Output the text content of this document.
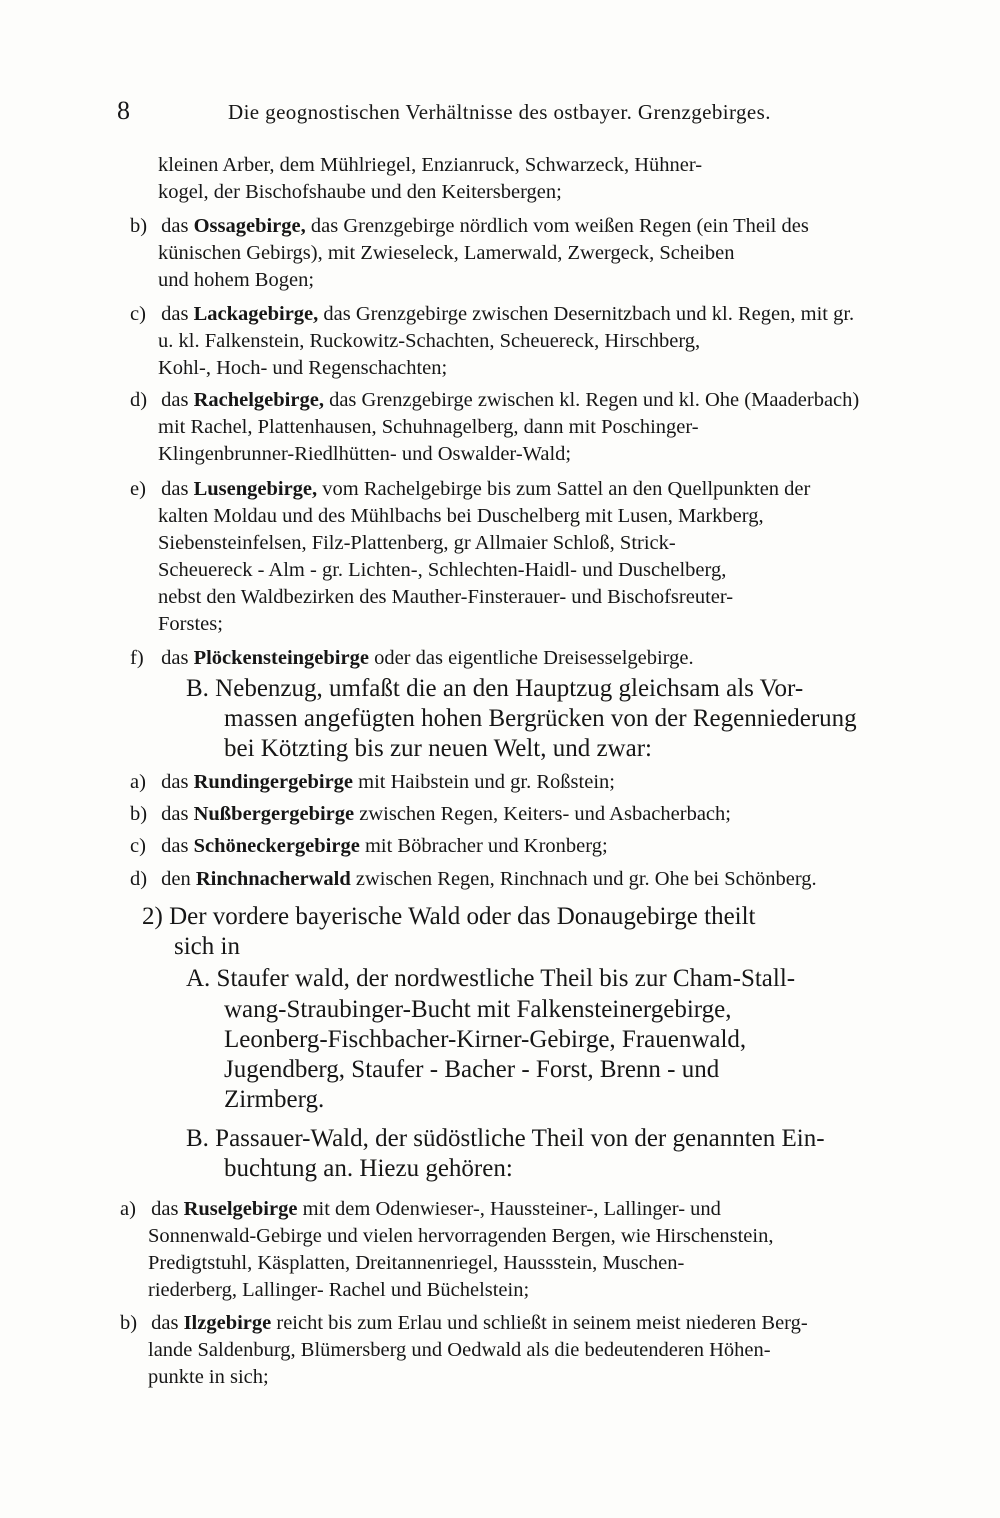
8	Die geognostischen Verhältnisse des ostbayer. Grenzgebirges.
kleinen Arber, dem Mühlriegel, Enzianruck, Schwarzeck, Hühner-
kogel, der Bischofshaube und den Keitersbergen;
b) das Ossagebirge, das Grenzgebirge nördlich vom weißen Regen (ein Theil des
künischen Gebirgs), mit Zwieseleck, Lamerwald, Zwergeck, Scheiben
und hohem Bogen;
c) das Lackagebirge, das Grenzgebirge zwischen Desernitzbach und kl. Regen, mit gr.
u. kl. Falkenstein, Ruckowitz-Schachten, Scheuereck, Hirschberg,
Kohl-, Hoch- und Regenschachten;
d) das Rachelgebirge, das Grenzgebirge zwischen kl. Regen und kl. Ohe (Maaderbach)
mit Rachel, Plattenhausen, Schuhnagelberg, dann mit Poschinger-
Klingenbrunner-Riedlhütten- und Oswalder-Wald;
e) das Lusengebirge, vom Rachelgebirge bis zum Sattel an den Quellpunkten der
kalten Moldau und des Mühlbachs bei Duschelberg mit Lusen, Markberg,
Siebensteinfelsen, Filz-Plattenberg, gr Allmaier Schloß, Strick-
Scheuereck - Alm - gr. Lichten-, Schlechten-Haidl- und Duschelberg,
nebst den Waldbezirken des Mauther-Finsterauer- und Bischofsreuter-
Forstes;
f) das Plöckensteingebirge oder das eigentliche Dreisesselgebirge.
B. Nebenzug, umfaßt die an den Hauptzug gleichsam als Vor-
massen angefügten hohen Bergrücken von der Regenniederung
bei Kötzting bis zur neuen Welt, und zwar:
a) das Rundingergebirge mit Haibstein und gr. Roßstein;
b) das Nußbergergebirge zwischen Regen, Keiters- und Asbacherbach;
c) das Schöneckergebirge mit Böbracher und Kronberg;
d) den Rinchnacherwald zwischen Regen, Rinchnach und gr. Ohe bei Schönberg.
2) Der vordere bayerische Wald oder das Donaugebirge theilt
sich in
A. Staufer wald, der nordwestliche Theil bis zur Cham-Stall-
wang-Straubinger-Bucht mit Falkensteinergebirge,
Leonberg-Fischbacher-Kirner-Gebirge, Frauenwald,
Jugendberg, Staufer - Bacher - Forst, Brenn - und
Zirmberg.
B. Passauer-Wald, der südöstliche Theil von der genannten Ein-
buchtung an. Hiezu gehören:
a) das Ruselgebirge mit dem Odenwieser-, Haussteiner-, Lallinger- und
Sonnenwald-Gebirge und vielen hervorragenden Bergen, wie Hirschenstein,
Predigtstuhl, Käsplatten, Dreitannenriegel, Haussstein, Muschen-
riederberg, Lallinger- Rachel und Büchelstein;
b) das Ilzgebirge reicht bis zum Erlau und schließt in seinem meist niederen Berg-
lande Saldenburg, Blümersberg und Oedwald als die bedeutenderen Höhen-
punkte in sich;
